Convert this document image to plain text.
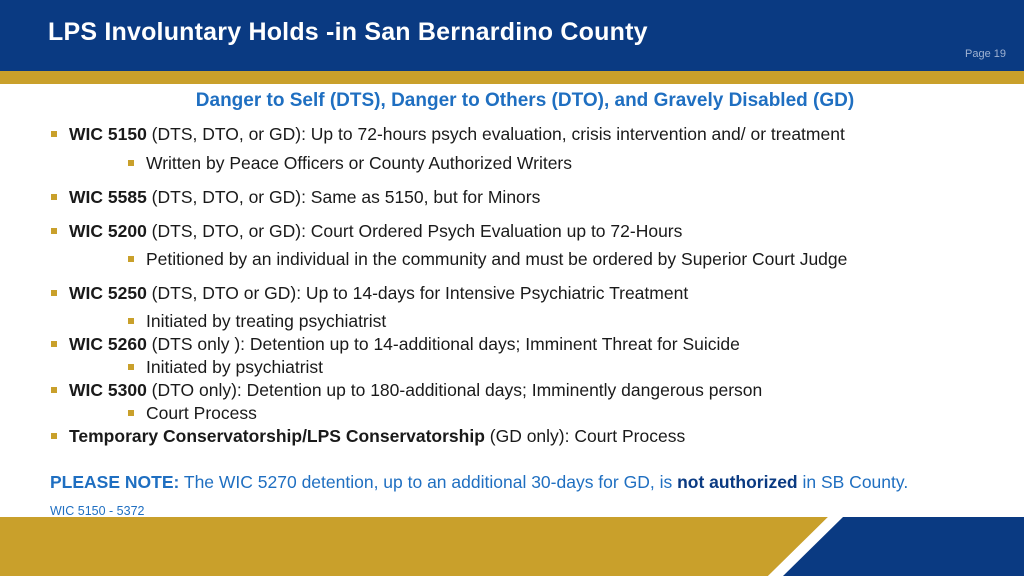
LPS Involuntary Holds -in San Bernardino County
Page 19
Danger to Self (DTS), Danger to Others (DTO), and Gravely Disabled (GD)
WIC 5150 (DTS, DTO, or GD): Up to 72-hours psych evaluation, crisis intervention and/ or treatment
Written by Peace Officers or County Authorized Writers
WIC 5585 (DTS, DTO, or GD): Same as 5150, but for Minors
WIC 5200 (DTS, DTO, or GD): Court Ordered Psych Evaluation up to 72-Hours
Petitioned by an individual in the community and must be ordered by Superior Court Judge
WIC 5250 (DTS, DTO or GD): Up to 14-days for Intensive Psychiatric Treatment
Initiated by treating psychiatrist
WIC 5260 (DTS only ): Detention up to 14-additional days; Imminent Threat for Suicide
Initiated by psychiatrist
WIC 5300 (DTO only): Detention up to 180-additional days; Imminently dangerous person
Court Process
Temporary Conservatorship/LPS Conservatorship (GD only): Court Process
PLEASE NOTE: The WIC 5270 detention, up to an additional 30-days for GD, is not authorized in SB County.
WIC 5150 - 5372
